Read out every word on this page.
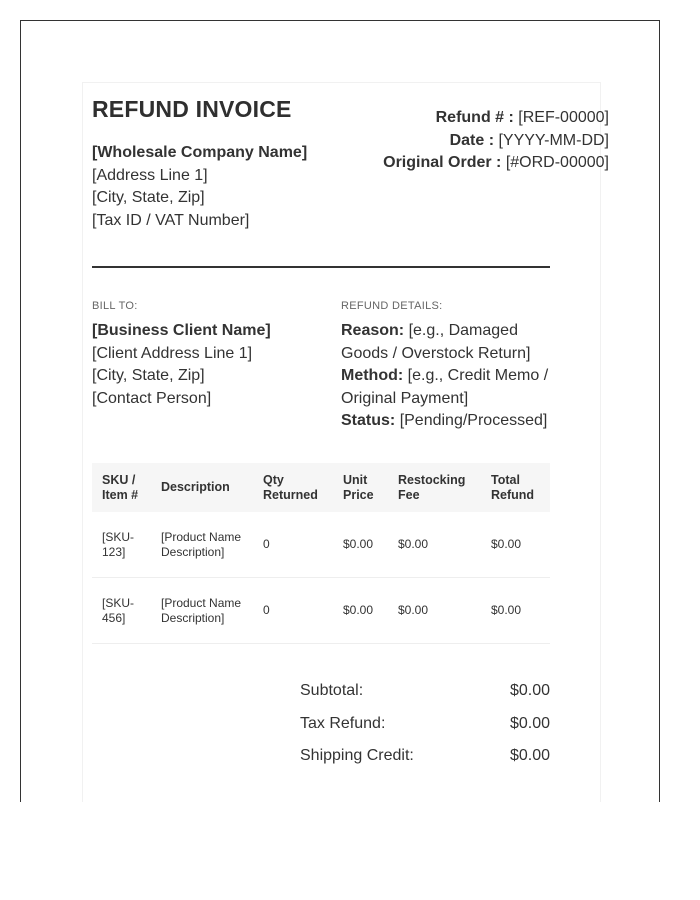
REFUND INVOICE
[Wholesale Company Name]
[Address Line 1]
[City, State, Zip]
[Tax ID / VAT Number]
Refund # : [REF-00000]
Date : [YYYY-MM-DD]
Original Order : [#ORD-00000]
BILL TO:	REFUND DETAILS:
[Business Client Name]
[Client Address Line 1]
[City, State, Zip]
[Contact Person]
Reason: [e.g., Damaged Goods / Overstock Return]
Method: [e.g., Credit Memo / Original Payment]
Status: [Pending/Processed]
SKU / Item #	Description	Qty Returned	Unit Price	Restocking Fee	Total Refund
[SKU-123]	[Product Name Description]	0	$0.00	$0.00	$0.00
[SKU-456]	[Product Name Description]	0	$0.00	$0.00	$0.00
Subtotal:	$0.00
Tax Refund:	$0.00
Shipping Credit:	$0.00
